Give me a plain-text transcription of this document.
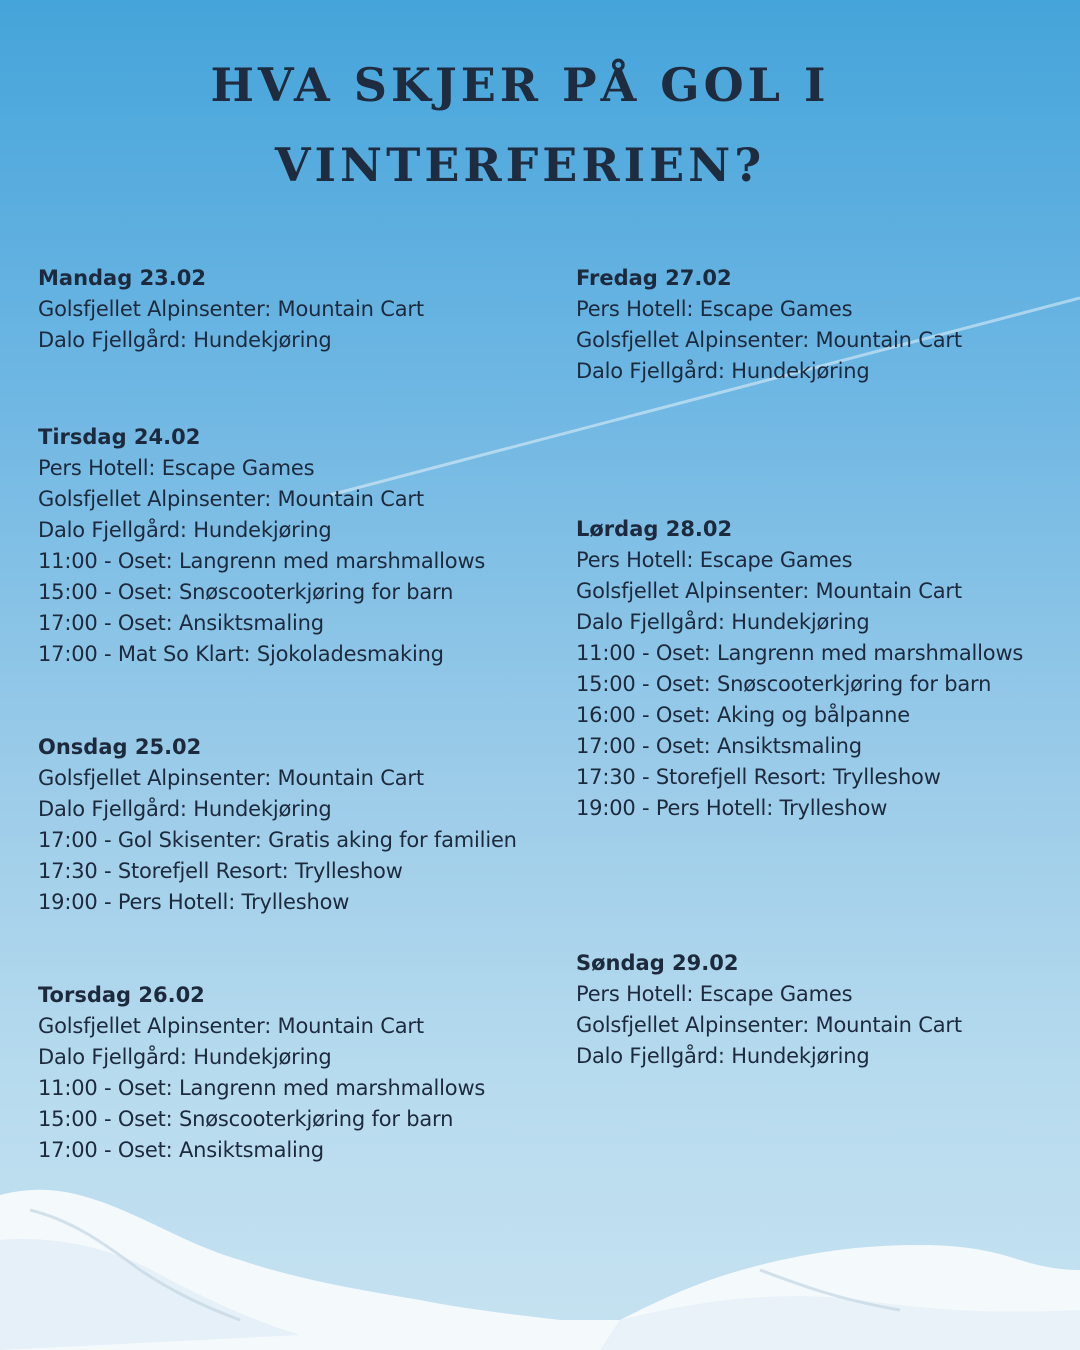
HVA SKJER PÅ GOL I
VINTERFERIEN?
Mandag 23.02
Golsfjellet Alpinsenter: Mountain Cart
Dalo Fjellgård: Hundekjøring
Tirsdag 24.02
Pers Hotell: Escape Games
Golsfjellet Alpinsenter: Mountain Cart
Dalo Fjellgård: Hundekjøring
11:00 - Oset: Langrenn med marshmallows
15:00 - Oset: Snøscooterkjøring for barn
17:00 - Oset: Ansiktsmaling
17:00 - Mat So Klart: Sjokoladesmaking
Onsdag 25.02
Golsfjellet Alpinsenter: Mountain Cart
Dalo Fjellgård: Hundekjøring
17:00 - Gol Skisenter: Gratis aking for familien
17:30 - Storefjell Resort: Trylleshow
19:00 - Pers Hotell: Trylleshow
Torsdag 26.02
Golsfjellet Alpinsenter: Mountain Cart
Dalo Fjellgård: Hundekjøring
11:00 - Oset: Langrenn med marshmallows
15:00 - Oset: Snøscooterkjøring for barn
17:00 - Oset: Ansiktsmaling
Fredag 27.02
Pers Hotell: Escape Games
Golsfjellet Alpinsenter: Mountain Cart
Dalo Fjellgård: Hundekjøring
Lørdag 28.02
Pers Hotell: Escape Games
Golsfjellet Alpinsenter: Mountain Cart
Dalo Fjellgård: Hundekjøring
11:00 - Oset: Langrenn med marshmallows
15:00 - Oset: Snøscooterkjøring for barn
16:00 - Oset: Aking og bålpanne
17:00 - Oset: Ansiktsmaling
17:30 - Storefjell Resort: Trylleshow
19:00 - Pers Hotell: Trylleshow
Søndag 29.02
Pers Hotell: Escape Games
Golsfjellet Alpinsenter: Mountain Cart
Dalo Fjellgård: Hundekjøring
